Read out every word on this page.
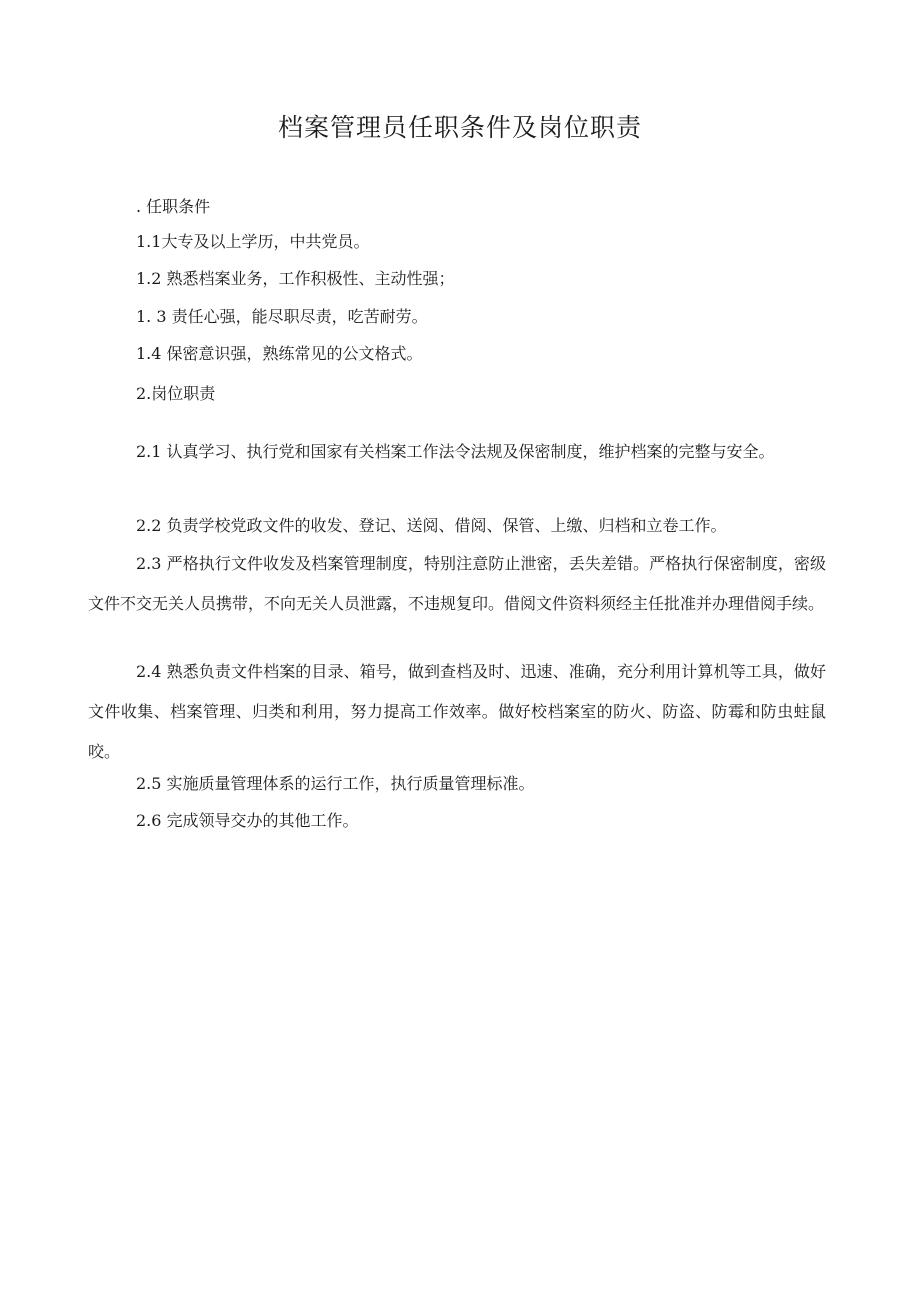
档案管理员任职条件及岗位职责

. 任职条件

1.1大专及以上学历，中共党员。

1.2 熟悉档案业务，工作积极性、主动性强；

1. 3 责任心强，能尽职尽责，吃苦耐劳。

1.4 保密意识强，熟练常见的公文格式。

2.岗位职责

2.1 认真学习、执行党和国家有关档案工作法令法规及保密制度，维护档案的完整与安全。

2.2 负责学校党政文件的收发、登记、送阅、借阅、保管、上缴、归档和立卷工作。

2.3 严格执行文件收发及档案管理制度，特别注意防止泄密，丢失差错。严格执行保密制度，密级文件不交无关人员携带，不向无关人员泄露，不违规复印。借阅文件资料须经主任批准并办理借阅手续。

2.4 熟悉负责文件档案的目录、箱号，做到查档及时、迅速、准确，充分利用计算机等工具，做好文件收集、档案管理、归类和利用，努力提高工作效率。做好校档案室的防火、防盗、防霉和防虫蛀鼠咬。

2.5 实施质量管理体系的运行工作，执行质量管理标准。

2.6 完成领导交办的其他工作。
